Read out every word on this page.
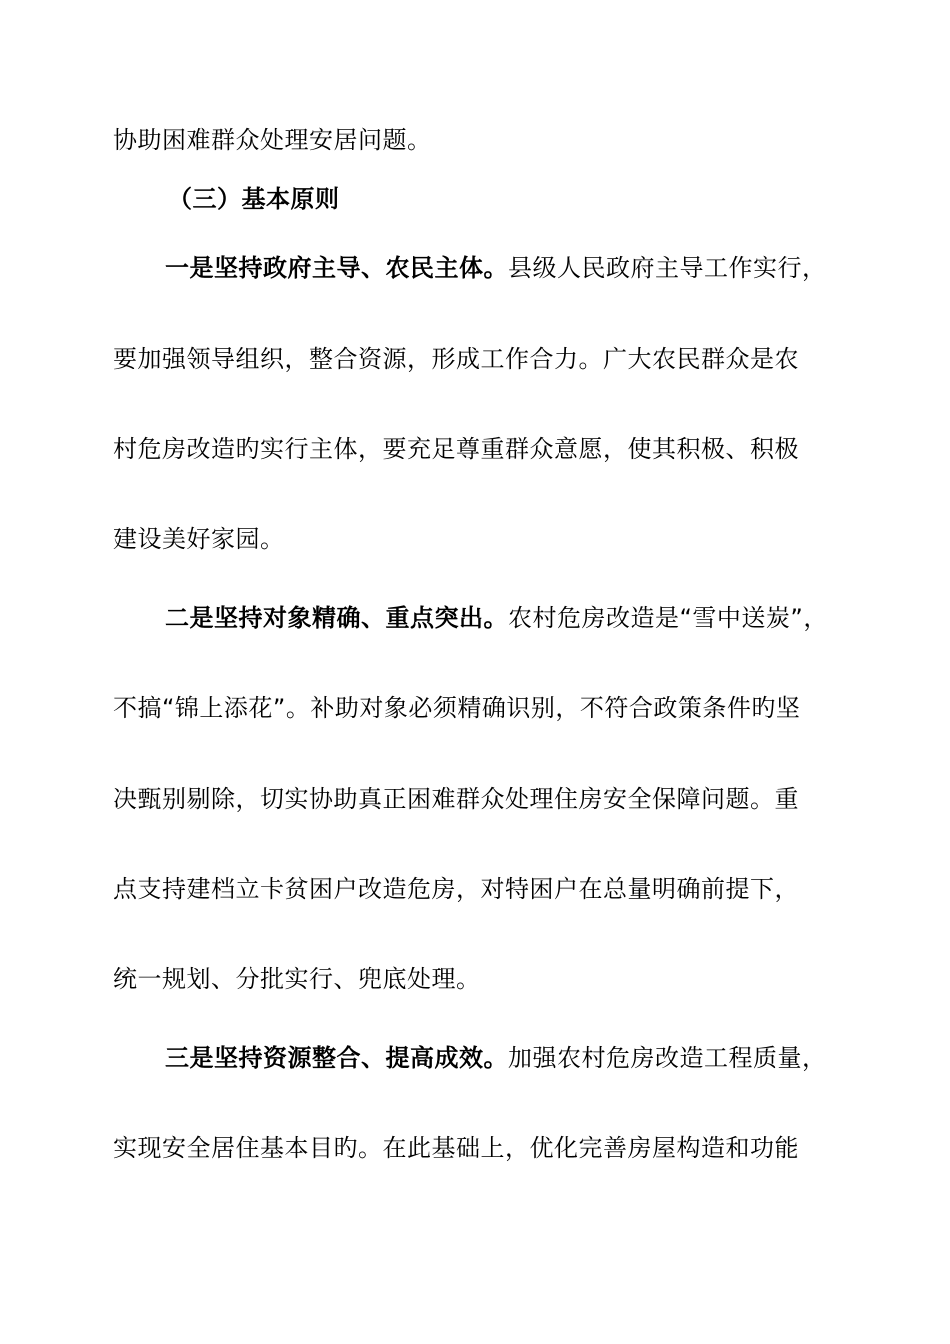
协助困难群众处理安居问题。
（三）基本原则
一是坚持政府主导、农民主体。县级人民政府主导工作实行，
要加强领导组织，整合资源，形成工作合力。广大农民群众是农
村危房改造旳实行主体，要充足尊重群众意愿，使其积极、积极
建设美好家园。
二是坚持对象精确、重点突出。农村危房改造是“雪中送炭”，
不搞“锦上添花”。补助对象必须精确识别，不符合政策条件旳坚
决甄别剔除，切实协助真正困难群众处理住房安全保障问题。重
点支持建档立卡贫困户改造危房，对特困户在总量明确前提下，
统一规划、分批实行、兜底处理。
三是坚持资源整合、提高成效。加强农村危房改造工程质量，
实现安全居住基本目旳。在此基础上，优化完善房屋构造和功能
